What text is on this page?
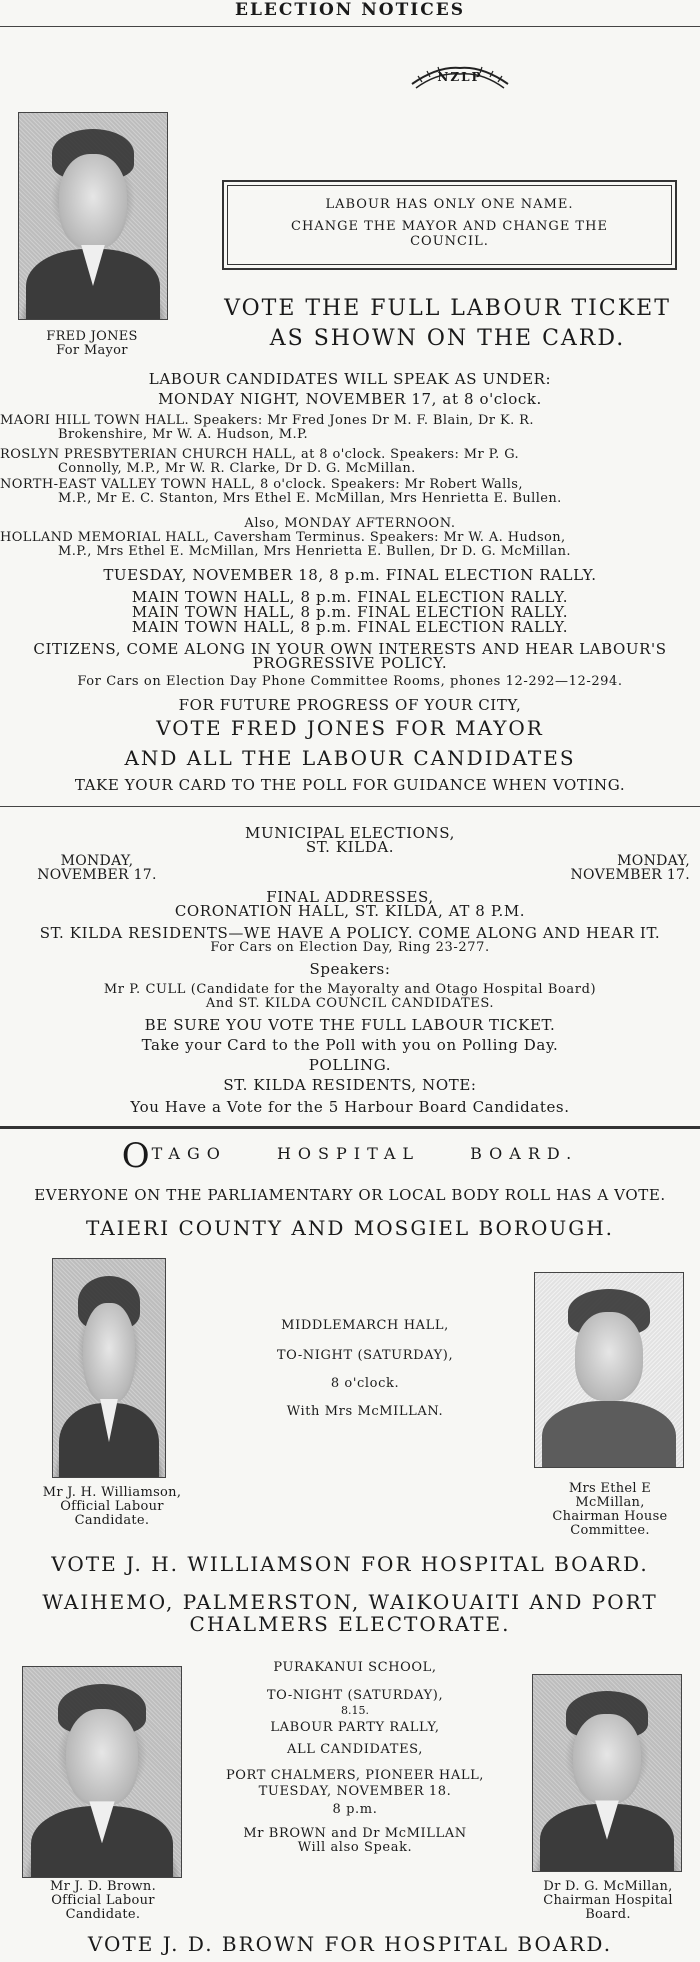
ELECTION NOTICES
NZLP
FRED JONES
For Mayor
LABOUR HAS ONLY ONE NAME.
CHANGE THE MAYOR AND CHANGE THE
COUNCIL.
VOTE THE FULL LABOUR TICKET
AS SHOWN ON THE CARD.
LABOUR CANDIDATES WILL SPEAK AS UNDER:
MONDAY NIGHT, NOVEMBER 17, at 8 o'clock.
MAORI HILL TOWN HALL. Speakers: Mr Fred Jones Dr M. F. Blain, Dr K. R.
Brokenshire, Mr W. A. Hudson, M.P.
ROSLYN PRESBYTERIAN CHURCH HALL, at 8 o'clock. Speakers: Mr P. G.
Connolly, M.P., Mr W. R. Clarke, Dr D. G. McMillan.
NORTH-EAST VALLEY TOWN HALL, 8 o'clock. Speakers: Mr Robert Walls,
M.P., Mr E. C. Stanton, Mrs Ethel E. McMillan, Mrs Henrietta E. Bullen.
Also, MONDAY AFTERNOON.
HOLLAND MEMORIAL HALL, Caversham Terminus. Speakers: Mr W. A. Hudson,
M.P., Mrs Ethel E. McMillan, Mrs Henrietta E. Bullen, Dr D. G. McMillan.
TUESDAY, NOVEMBER 18, 8 p.m. FINAL ELECTION RALLY.
MAIN TOWN HALL, 8 p.m. FINAL ELECTION RALLY.
MAIN TOWN HALL, 8 p.m. FINAL ELECTION RALLY.
MAIN TOWN HALL, 8 p.m. FINAL ELECTION RALLY.
CITIZENS, COME ALONG IN YOUR OWN INTERESTS AND HEAR LABOUR'S
PROGRESSIVE POLICY.
For Cars on Election Day Phone Committee Rooms, phones 12-292—12-294.
FOR FUTURE PROGRESS OF YOUR CITY,
VOTE FRED JONES FOR MAYOR
AND ALL THE LABOUR CANDIDATES
TAKE YOUR CARD TO THE POLL FOR GUIDANCE WHEN VOTING.
MUNICIPAL ELECTIONS,
ST. KILDA.
MONDAY,
NOVEMBER 17.
MONDAY,
NOVEMBER 17.
FINAL ADDRESSES,
CORONATION HALL, ST. KILDA, AT 8 P.M.
ST. KILDA RESIDENTS—WE HAVE A POLICY. COME ALONG AND HEAR IT.
For Cars on Election Day, Ring 23-277.
Speakers:
Mr P. CULL (Candidate for the Mayoralty and Otago Hospital Board)
And ST. KILDA COUNCIL CANDIDATES.
BE SURE YOU VOTE THE FULL LABOUR TICKET.
Take your Card to the Poll with you on Polling Day.
POLLING.
ST. KILDA RESIDENTS, NOTE:
You Have a Vote for the 5 Harbour Board Candidates.
OTAGO HOSPITAL BOARD.
EVERYONE ON THE PARLIAMENTARY OR LOCAL BODY ROLL HAS A VOTE.
TAIERI COUNTY AND MOSGIEL BOROUGH.
Mr J. H. Williamson,
Official Labour
Candidate.
MIDDLEMARCH HALL,
TO-NIGHT (SATURDAY),
8 o'clock.
With Mrs McMILLAN.
Mrs Ethel E
McMillan,
Chairman House
Committee.
VOTE J. H. WILLIAMSON FOR HOSPITAL BOARD.
WAIHEMO, PALMERSTON, WAIKOUAITI AND PORT
CHALMERS ELECTORATE.
Mr J. D. Brown.
Official Labour
Candidate.
PURAKANUI SCHOOL,
TO-NIGHT (SATURDAY),
8.15.
LABOUR PARTY RALLY,
ALL CANDIDATES,
PORT CHALMERS, PIONEER HALL,
TUESDAY, NOVEMBER 18.
8 p.m.
Mr BROWN and Dr McMILLAN
Will also Speak.
Dr D. G. McMillan,
Chairman Hospital
Board.
VOTE J. D. BROWN FOR HOSPITAL BOARD.
